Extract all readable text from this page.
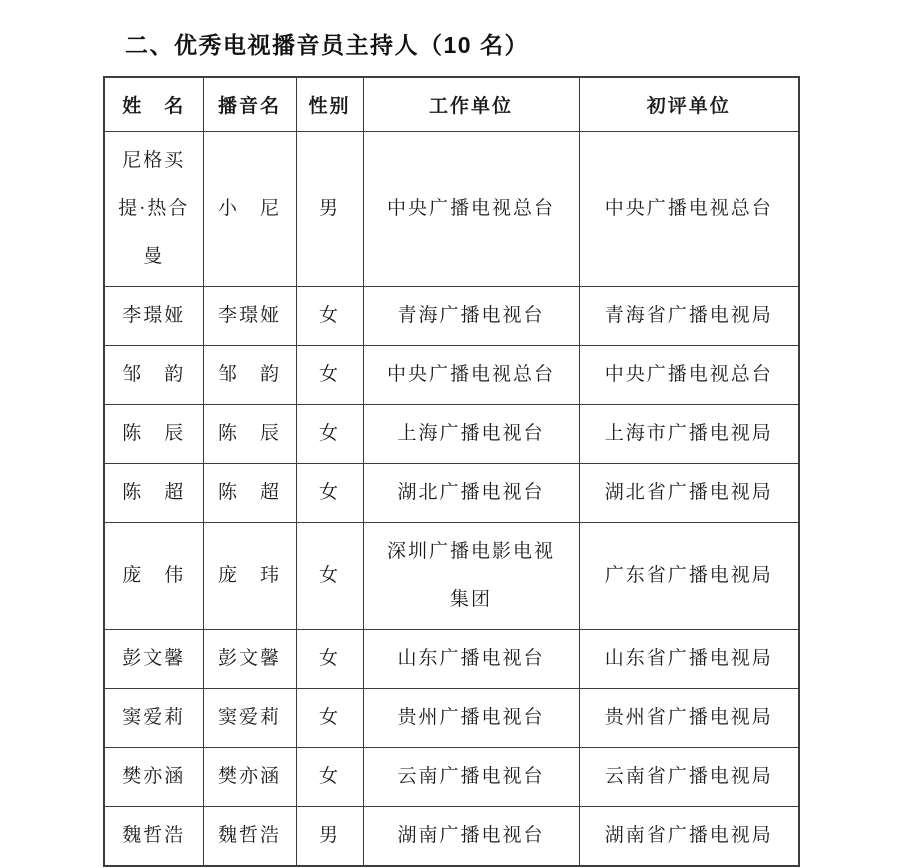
二、优秀电视播音员主持人（10 名）
姓　名	播音名	性别	工作单位	初评单位
尼格买提·热合曼	小　尼	男	中央广播电视总台	中央广播电视总台
李璟娅	李璟娅	女	青海广播电视台	青海省广播电视局
邹　韵	邹　韵	女	中央广播电视总台	中央广播电视总台
陈　辰	陈　辰	女	上海广播电视台	上海市广播电视局
陈　超	陈　超	女	湖北广播电视台	湖北省广播电视局
庞　伟	庞　玮	女	深圳广播电影电视集团	广东省广播电视局
彭文馨	彭文馨	女	山东广播电视台	山东省广播电视局
窦爱莉	窦爱莉	女	贵州广播电视台	贵州省广播电视局
樊亦涵	樊亦涵	女	云南广播电视台	云南省广播电视局
魏哲浩	魏哲浩	男	湖南广播电视台	湖南省广播电视局
